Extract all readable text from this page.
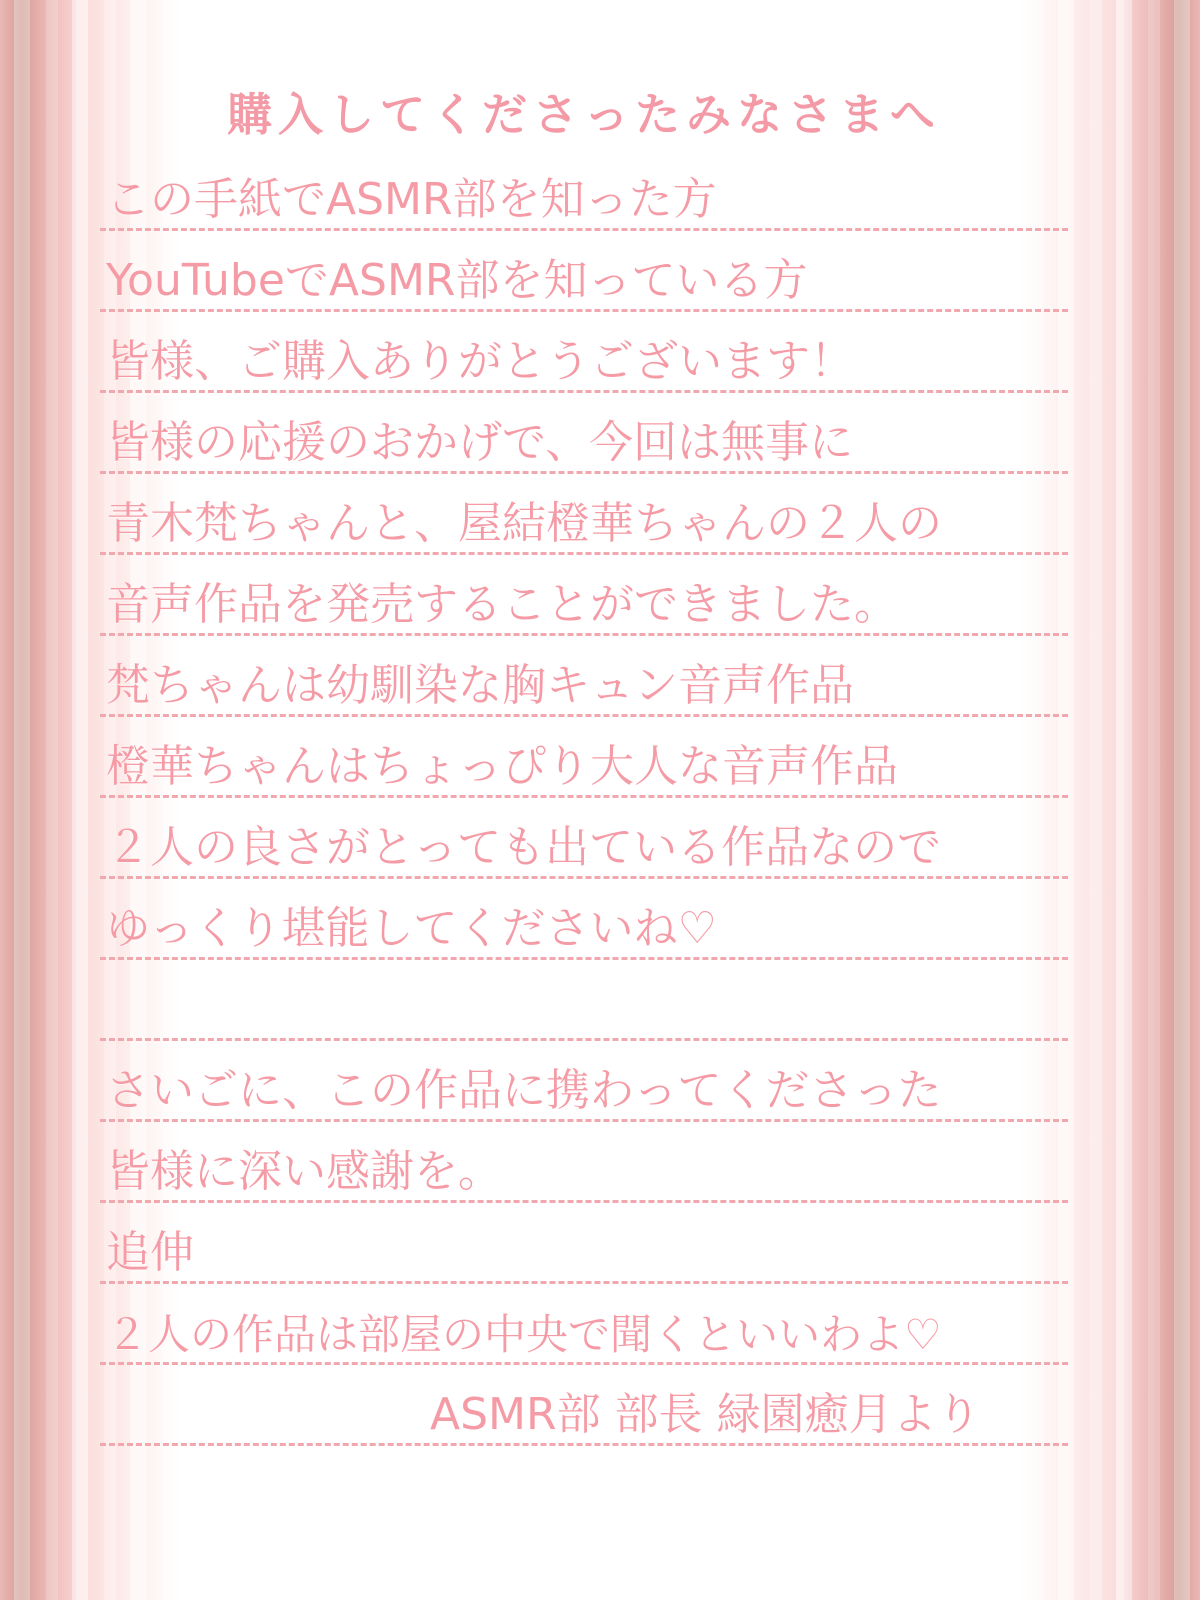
購入してくださったみなさまへ
この手紙でASMR部を知った方
YouTubeでASMR部を知っている方
皆様、ご購入ありがとうございます！
皆様の応援のおかげで、今回は無事に
青木梵ちゃんと、屋結橙華ちゃんの２人の
音声作品を発売することができました。
梵ちゃんは幼馴染な胸キュン音声作品
橙華ちゃんはちょっぴり大人な音声作品
２人の良さがとっても出ている作品なので
ゆっくり堪能してくださいね♡
さいごに、この作品に携わってくださった
皆様に深い感謝を。
追伸
２人の作品は部屋の中央で聞くといいわよ♡
ASMR部 部長 緑園癒月より
